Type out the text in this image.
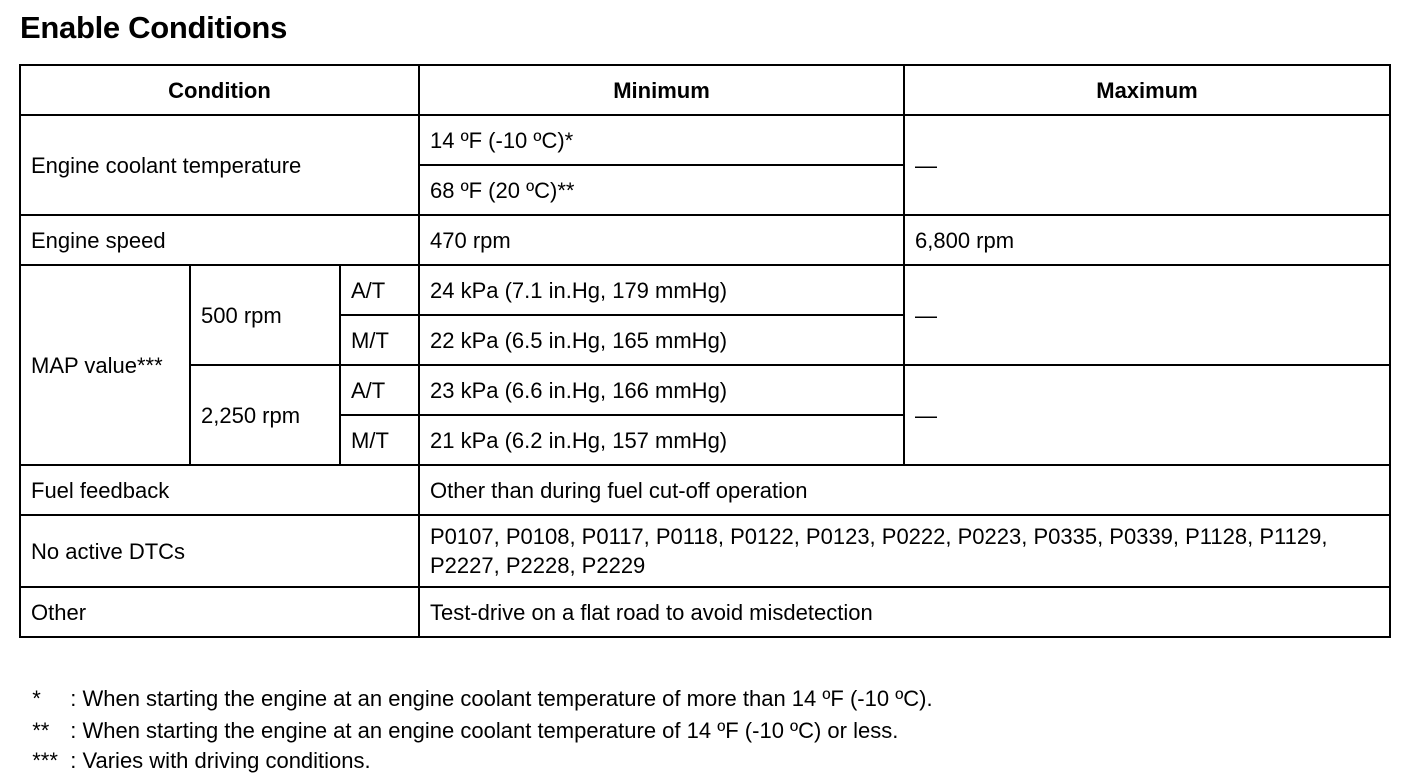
Enable Conditions
Condition			Minimum	Maximum
Engine coolant temperature			14 ºF (-10 ºC)*	—
			68 ºF (20 ºC)**	
Engine speed			470 rpm	6,800 rpm
MAP value***	500 rpm	A/T	24 kPa (7.1 in.Hg, 179 mmHg)	—
		M/T	22 kPa (6.5 in.Hg, 165 mmHg)	
	2,250 rpm	A/T	23 kPa (6.6 in.Hg, 166 mmHg)	—
		M/T	21 kPa (6.2 in.Hg, 157 mmHg)	
Fuel feedback			Other than during fuel cut-off operation	
No active DTCs			P0107, P0108, P0117, P0118, P0122, P0123, P0222, P0223, P0335, P0339, P1128, P1129, P2227, P2228, P2229	
Other			Test-drive on a flat road to avoid misdetection	

* : When starting the engine at an engine coolant temperature of more than 14 ºF (-10 ºC).

** : When starting the engine at an engine coolant temperature of 14 ºF (-10 ºC) or less.

*** : Varies with driving conditions.
